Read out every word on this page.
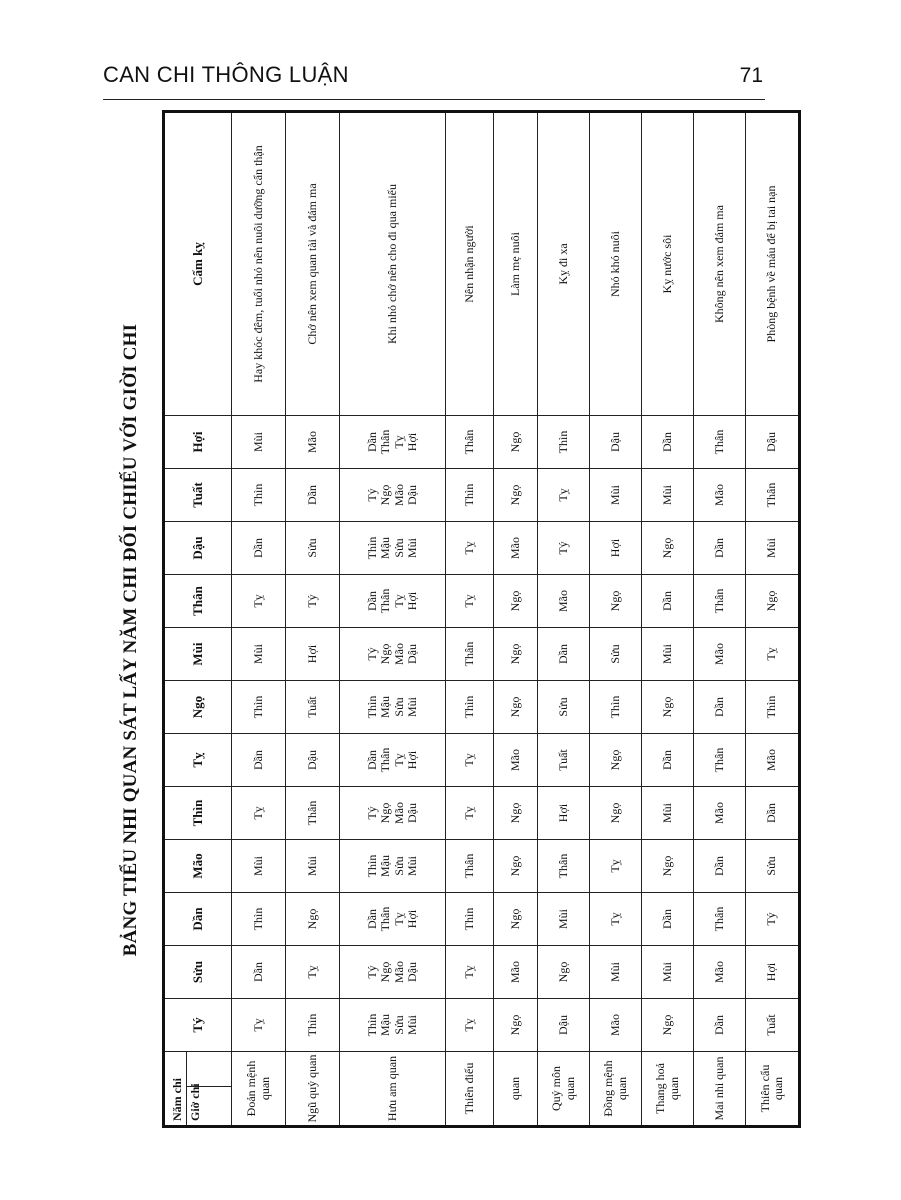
CAN CHI THÔNG LUẬN	71
BẢNG TIỂU NHI QUAN SÁT LẤY NĂM CHI ĐỐI CHIẾU VỚI GIỜI CHI
Năm chi Giờ chi	Tý	Sửu	Dần	Mão	Thìn	Tỵ	Ngọ	Mùi	Thân	Dậu	Tuất	Hợi	Cấm kỵ
Đoản mệnh quan	Tỵ	Dần	Thìn	Mùi	Tỵ	Dần	Thìn	Mùi	Tỵ	Dần	Thìn	Mùi	Hay khóc đêm, tuổi nhỏ nên nuôi dưỡng cẩn thận
Ngũ quỷ quan	Thìn	Tỵ	Ngọ	Mùi	Thân	Dậu	Tuất	Hợi	Tý	Sửu	Dần	Mão	Chớ nên xem quan tài và đám ma
Hưu am quan	Thìn Mậu Sửu Mùi	Tý Ngọ Mão Dậu	Dần Thân Tỵ Hợi	Thìn Mậu Sửu Mùi	Tý Ngọ Mão Dậu	Dần Thân Tỵ Hợi	Thìn Mậu Sửu Mùi	Tý Ngọ Mão Dậu	Dần Thân Tỵ Hợi	Thìn Mậu Sửu Mùi	Tý Ngọ Mão Dậu	Dần Thân Tỵ Hợi	Khi nhỏ chớ nên cho đi qua miếu
Thiên điếu	Tỵ	Tỵ	Thìn	Thân	Tỵ	Tỵ	Thìn	Thân	Tỵ	Tỵ	Thìn	Thân	Nên nhận người
quan	Ngọ	Mão	Ngọ	Ngọ	Ngọ	Mão	Ngọ	Ngọ	Ngọ	Mão	Ngọ	Ngọ	Làm mẹ nuôi
Quỷ môn quan	Dậu	Ngọ	Mùi	Thân	Hợi	Tuất	Sửu	Dần	Mão	Tý	Tỵ	Thìn	Kỵ đi xa
Đồng mệnh quan	Mão	Mùi	Tỵ	Tỵ	Ngọ	Ngọ	Thìn	Sửu	Ngọ	Hợi	Mùi	Dậu	Nhỏ khó nuôi
Thang hoả quan	Ngọ	Mùi	Dần	Ngọ	Mùi	Dần	Ngọ	Mùi	Dần	Ngọ	Mùi	Dần	Kỵ nước sôi
Mai nhi quan	Dần	Mão	Thân	Dần	Mão	Thân	Dần	Mão	Thân	Dần	Mão	Thân	Không nên xem đám ma
Thiên cẩu quan	Tuất	Hợi	Tý	Sửu	Dần	Mão	Thìn	Tỵ	Ngọ	Mùi	Thân	Dậu	Phòng bệnh về máu để bị tai nạn
